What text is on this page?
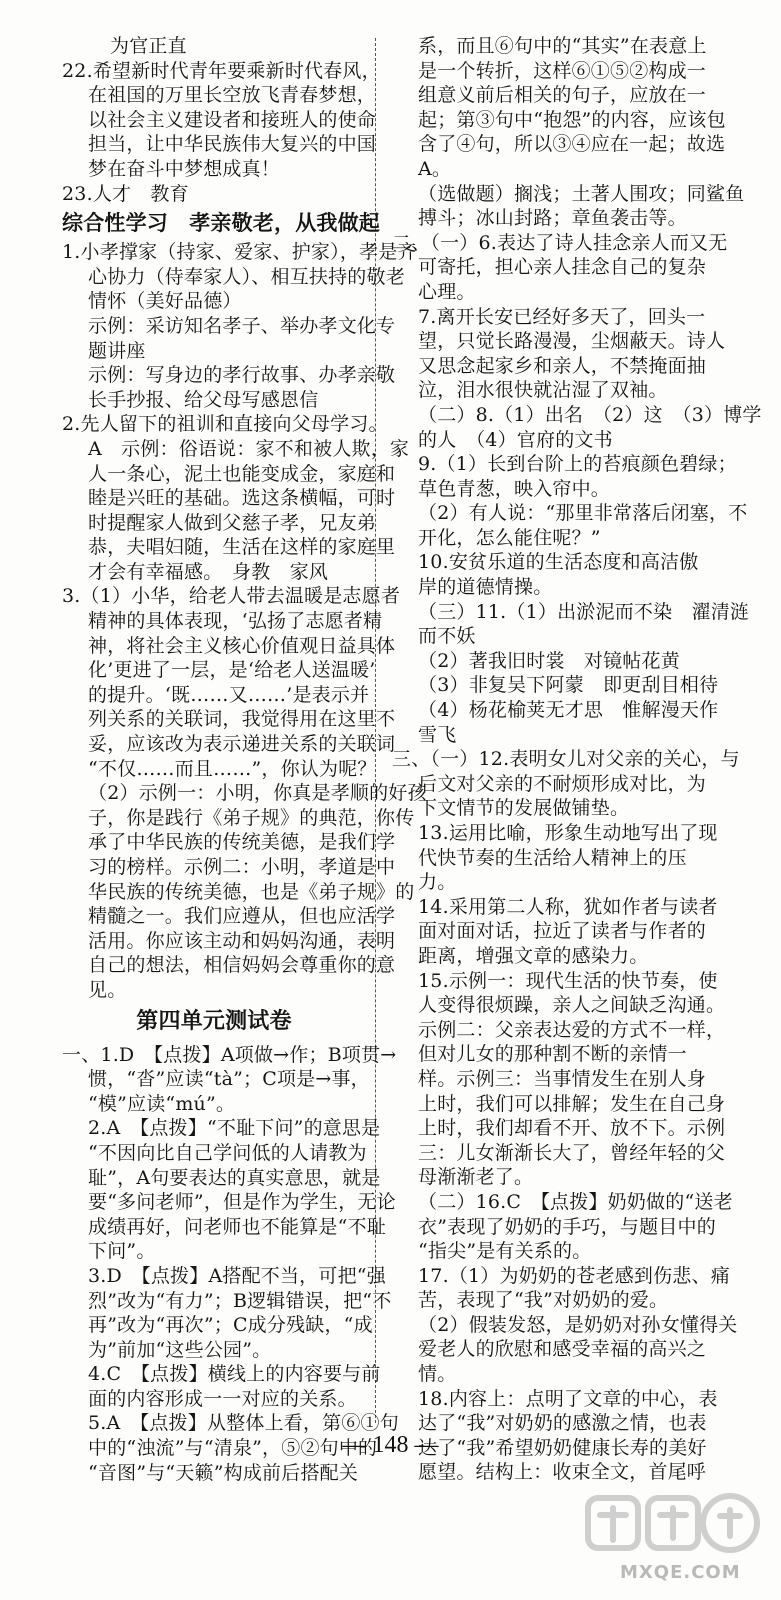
为官正直
22.希望新时代青年要乘新时代春风，
在祖国的万里长空放飞青春梦想，
以社会主义建设者和接班人的使命
担当，让中华民族伟大复兴的中国
梦在奋斗中梦想成真！
23.人才　教育
综合性学习　孝亲敬老，从我做起
1.小孝撑家（持家、爱家、护家），孝是齐
心协力（侍奉家人）、相互扶持的敬老
情怀（美好品德）
示例：采访知名孝子、举办孝文化专
题讲座
示例：写身边的孝行故事、办孝亲敬
长手抄报、给父母写感恩信
2.先人留下的祖训和直接向父母学习。
A　示例：俗语说：家不和被人欺，家
人一条心，泥土也能变成金，家庭和
睦是兴旺的基础。选这条横幅，可时
时提醒家人做到父慈子孝，兄友弟
恭，夫唱妇随，生活在这样的家庭里
才会有幸福感。　身教　家风
3.（1）小华，给老人带去温暖是志愿者
精神的具体表现，‘弘扬了志愿者精
神，将社会主义核心价值观日益具体
化’更进了一层，是‘给老人送温暖’
的提升。‘既……又……’是表示并
列关系的关联词，我觉得用在这里不
妥，应该改为表示递进关系的关联词
“不仅……而且……”，你认为呢？
（2）示例一：小明，你真是孝顺的好孩
子，你是践行《弟子规》的典范，你传
承了中华民族的传统美德，是我们学
习的榜样。示例二：小明，孝道是中
华民族的传统美德，也是《弟子规》的
精髓之一。我们应遵从，但也应活学
活用。你应该主动和妈妈沟通，表明
自己的想法，相信妈妈会尊重你的意
见。
第四单元测试卷
一、1.D　【点拨】A项做→作；B项贯→
惯，“沓”应读“tà”；C项是→事，
“模”应读“mú”。
2.A　【点拨】“不耻下问”的意思是
“不因向比自己学问低的人请教为
耻”，A句要表达的真实意思，就是
要“多问老师”，但是作为学生，无论
成绩再好，问老师也不能算是“不耻
下问”。
3.D　【点拨】A搭配不当，可把“强
烈”改为“有力”；B逻辑错误，把“不
再”改为“再次”；C成分残缺，“成
为”前加“这些公园”。
4.C　【点拨】横线上的内容要与前
面的内容形成一一对应的关系。
5.A　【点拨】从整体上看，第⑥①句
中的“浊流”与“清泉”，⑤②句中的
“音图”与“天籁”构成前后搭配关
系，而且⑥句中的“其实”在表意上
是一个转折，这样⑥①⑤②构成一
组意义前后相关的句子，应放在一
起；第③句中“抱怨”的内容，应该包
含了④句，所以③④应在一起；故选
A。
（选做题）搁浅；土著人围攻；同鲨鱼
搏斗；冰山封路；章鱼袭击等。
二、（一）6.表达了诗人挂念亲人而又无
可寄托，担心亲人挂念自己的复杂
心理。
7.离开长安已经好多天了，回头一
望，只觉长路漫漫，尘烟蔽天。诗人
又思念起家乡和亲人，不禁掩面抽
泣，泪水很快就沾湿了双袖。
（二）8.（1）出名　（2）这　（3）博学
的人　（4）官府的文书
9.（1）长到台阶上的苔痕颜色碧绿；
草色青葱，映入帘中。
（2）有人说：“那里非常落后闭塞，不
开化，怎么能住呢？”
10.安贫乐道的生活态度和高洁傲
岸的道德情操。
（三）11.（1）出淤泥而不染　濯清涟
而不妖
（2）著我旧时裳　对镜帖花黄
（3）非复吴下阿蒙　即更刮目相待
（4）杨花榆荚无才思　惟解漫天作
雪飞
三、（一）12.表明女儿对父亲的关心，与
后文对父亲的不耐烦形成对比，为
下文情节的发展做铺垫。
13.运用比喻，形象生动地写出了现
代快节奏的生活给人精神上的压
力。
14.采用第二人称，犹如作者与读者
面对面对话，拉近了读者与作者的
距离，增强文章的感染力。
15.示例一：现代生活的快节奏，使
人变得很烦躁，亲人之间缺乏沟通。
示例二：父亲表达爱的方式不一样，
但对儿女的那种割不断的亲情一
样。示例三：当事情发生在别人身
上时，我们可以排解；发生在自己身
上时，我们却看不开、放不下。示例
三：儿女渐渐长大了，曾经年轻的父
母渐渐老了。
（二）16.C　【点拨】奶奶做的“送老
衣”表现了奶奶的手巧，与题目中的
“指尖”是有关系的。
17.（1）为奶奶的苍老感到伤悲、痛
苦，表现了“我”对奶奶的爱。
（2）假装发怒，是奶奶对孙女懂得关
爱老人的欣慰和感受幸福的高兴之
情。
18.内容上：点明了文章的中心，表
达了“我”对奶奶的感激之情，也表
达了“我”希望奶奶健康长寿的美好
愿望。结构上：收束全文，首尾呼
— 148 —
MXQE.COM
